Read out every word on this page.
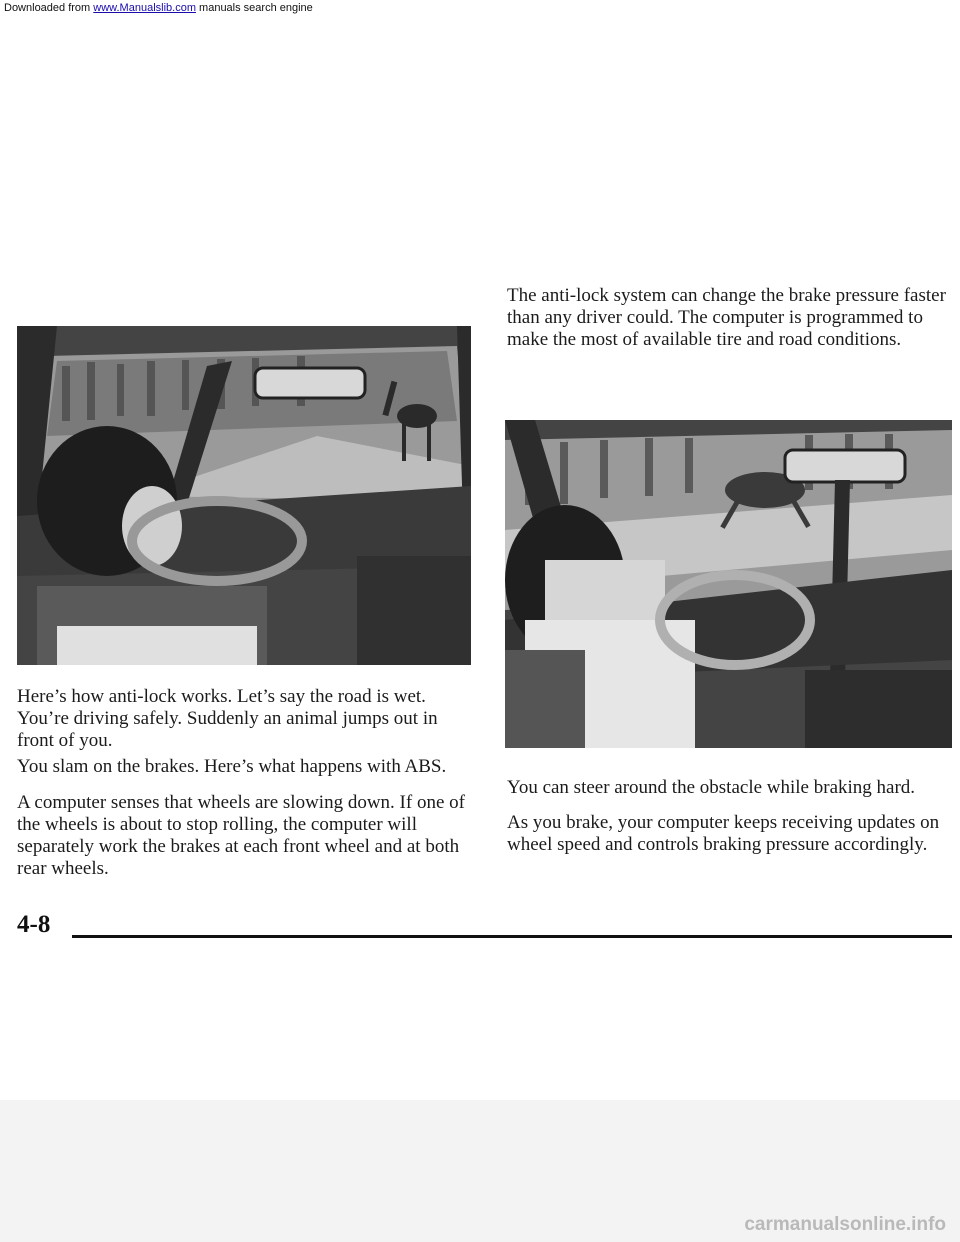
Downloaded from www.Manualslib.com manuals search engine

Here’s how anti-lock works. Let’s say the road is wet. You’re driving safely. Suddenly an animal jumps out in front of you.

You slam on the brakes. Here’s what happens with ABS.

A computer senses that wheels are slowing down. If one of the wheels is about to stop rolling, the computer will separately work the brakes at each front wheel and at both rear wheels.

The anti-lock system can change the brake pressure faster than any driver could. The computer is programmed to make the most of available tire and road conditions.

You can steer around the obstacle while braking hard.

As you brake, your computer keeps receiving updates on wheel speed and controls braking pressure accordingly.

4-8
carmanualsonline.info
